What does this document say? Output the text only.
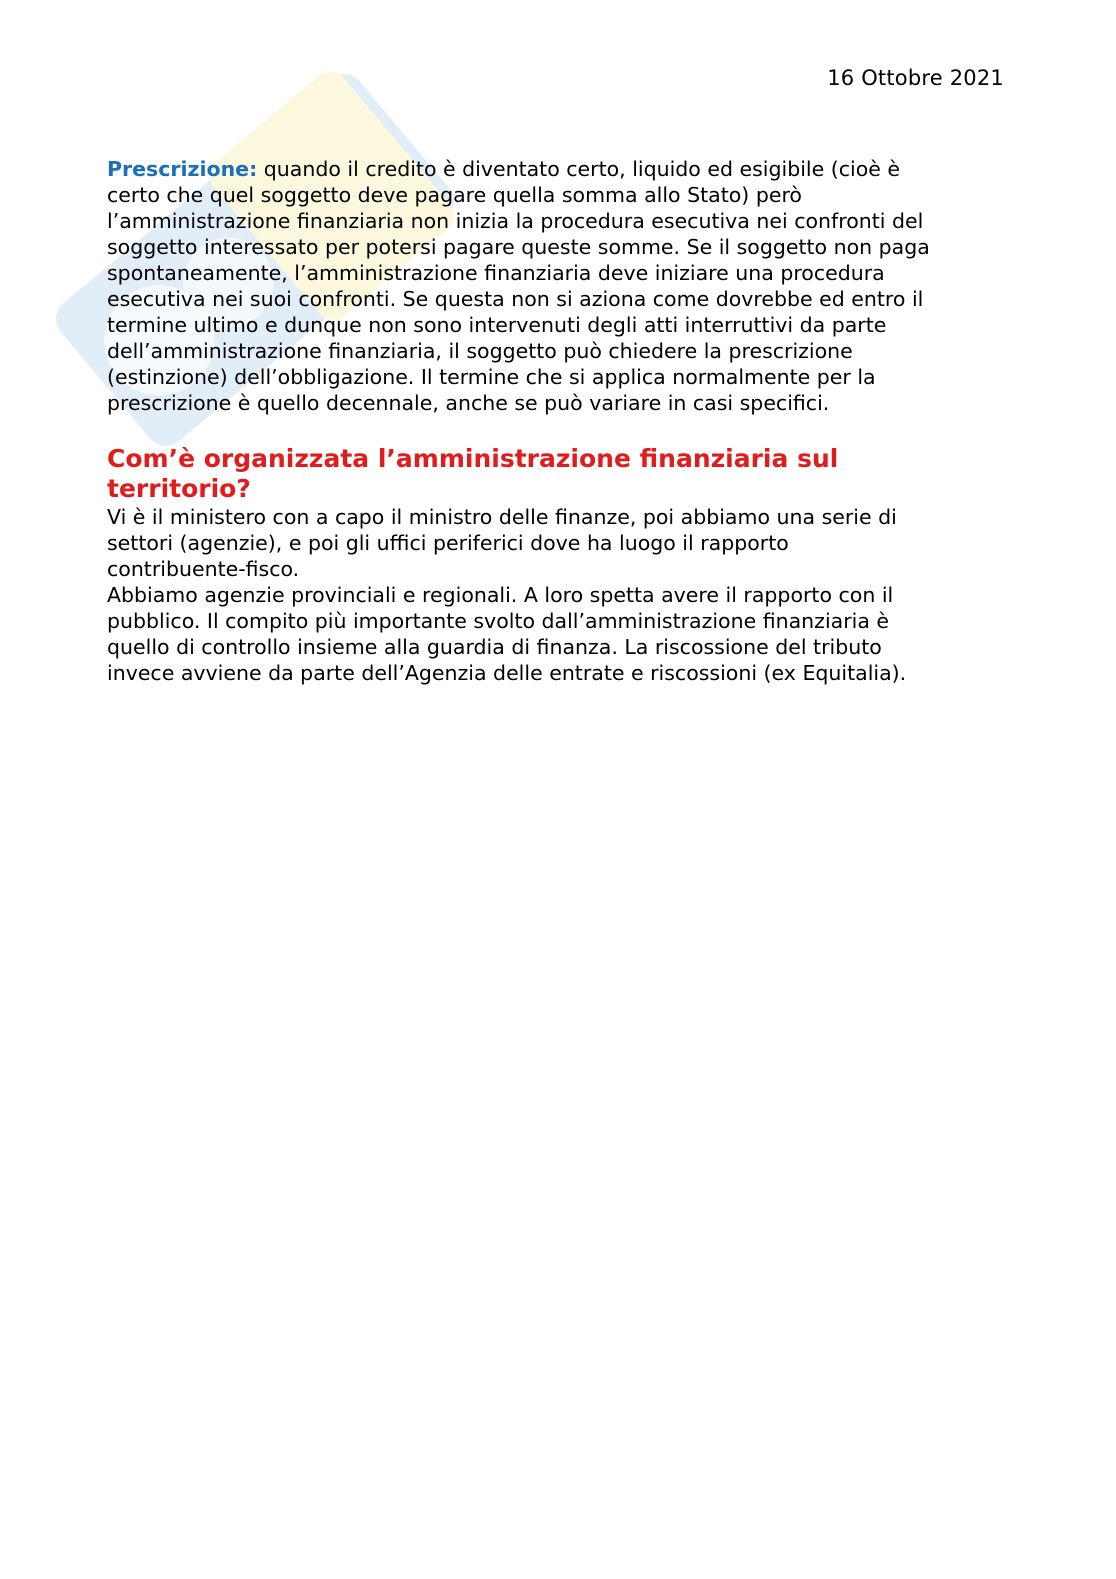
16 Ottobre 2021

Prescrizione: quando il credito è diventato certo, liquido ed esigibile (cioè è
certo che quel soggetto deve pagare quella somma allo Stato) però
l’amministrazione finanziaria non inizia la procedura esecutiva nei confronti del
soggetto interessato per potersi pagare queste somme. Se il soggetto non paga
spontaneamente, l’amministrazione finanziaria deve iniziare una procedura
esecutiva nei suoi confronti. Se questa non si aziona come dovrebbe ed entro il
termine ultimo e dunque non sono intervenuti degli atti interruttivi da parte
dell’amministrazione finanziaria, il soggetto può chiedere la prescrizione
(estinzione) dell’obbligazione. Il termine che si applica normalmente per la
prescrizione è quello decennale, anche se può variare in casi specifici.

Com’è organizzata l’amministrazione finanziaria sul
territorio?

Vi è il ministero con a capo il ministro delle finanze, poi abbiamo una serie di
settori (agenzie), e poi gli uffici periferici dove ha luogo il rapporto
contribuente-fisco.
Abbiamo agenzie provinciali e regionali. A loro spetta avere il rapporto con il
pubblico. Il compito più importante svolto dall’amministrazione finanziaria è
quello di controllo insieme alla guardia di finanza. La riscossione del tributo
invece avviene da parte dell’Agenzia delle entrate e riscossioni (ex Equitalia).
